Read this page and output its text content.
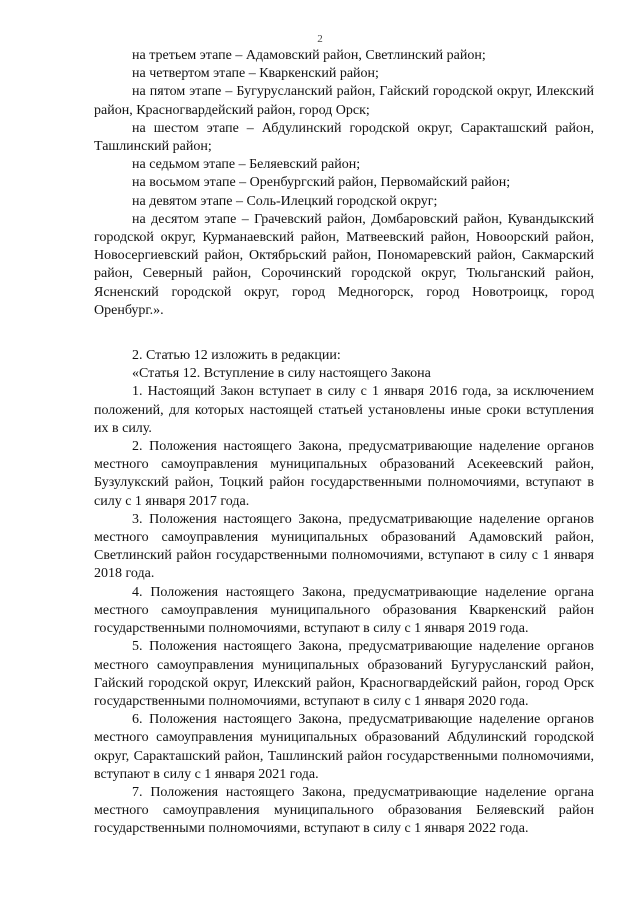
2

на третьем этапе – Адамовский район, Светлинский район;

на четвертом этапе – Кваркенский район;

на пятом этапе – Бугурусланский район, Гайский городской округ, Илекский район, Красногвардейский район, город Орск;

на шестом этапе – Абдулинский городской округ, Саракташский район, Ташлинский район;

на седьмом этапе – Беляевский район;

на восьмом этапе – Оренбургский район, Первомайский район;

на девятом этапе – Соль-Илецкий городской округ;

на десятом этапе – Грачевский район, Домбаровский район, Кувандыкский городской округ, Курманаевский район, Матвеевский район, Новоорский район, Новосергиевский район, Октябрьский район, Пономаревский район, Сакмарский район, Северный район, Сорочинский городской округ, Тюльганский район, Ясненский городской округ, город Медногорск, город Новотроицк, город Оренбург.».

2. Статью 12 изложить в редакции:

«Статья 12. Вступление в силу настоящего Закона

1. Настоящий Закон вступает в силу с 1 января 2016 года, за исключением положений, для которых настоящей статьей установлены иные сроки вступления их в силу.

2. Положения настоящего Закона, предусматривающие наделение органов местного самоуправления муниципальных образований Асекеевский район, Бузулукский район, Тоцкий район государственными полномочиями, вступают в силу с 1 января 2017 года.

3. Положения настоящего Закона, предусматривающие наделение органов местного самоуправления муниципальных образований Адамовский район, Светлинский район государственными полномочиями, вступают в силу с 1 января 2018 года.

4. Положения настоящего Закона, предусматривающие наделение органа местного самоуправления муниципального образования Кваркенский район государственными полномочиями, вступают в силу с 1 января 2019 года.

5. Положения настоящего Закона, предусматривающие наделение органов местного самоуправления муниципальных образований Бугурусланский район, Гайский городской округ, Илекский район, Красногвардейский район, город Орск государственными полномочиями, вступают в силу с 1 января 2020 года.

6. Положения настоящего Закона, предусматривающие наделение органов местного самоуправления муниципальных образований Абдулинский городской округ, Саракташский район, Ташлинский район государственными полномочиями, вступают в силу с 1 января 2021 года.

7. Положения настоящего Закона, предусматривающие наделение органа местного самоуправления муниципального образования Беляевский район государственными полномочиями, вступают в силу с 1 января 2022 года.
